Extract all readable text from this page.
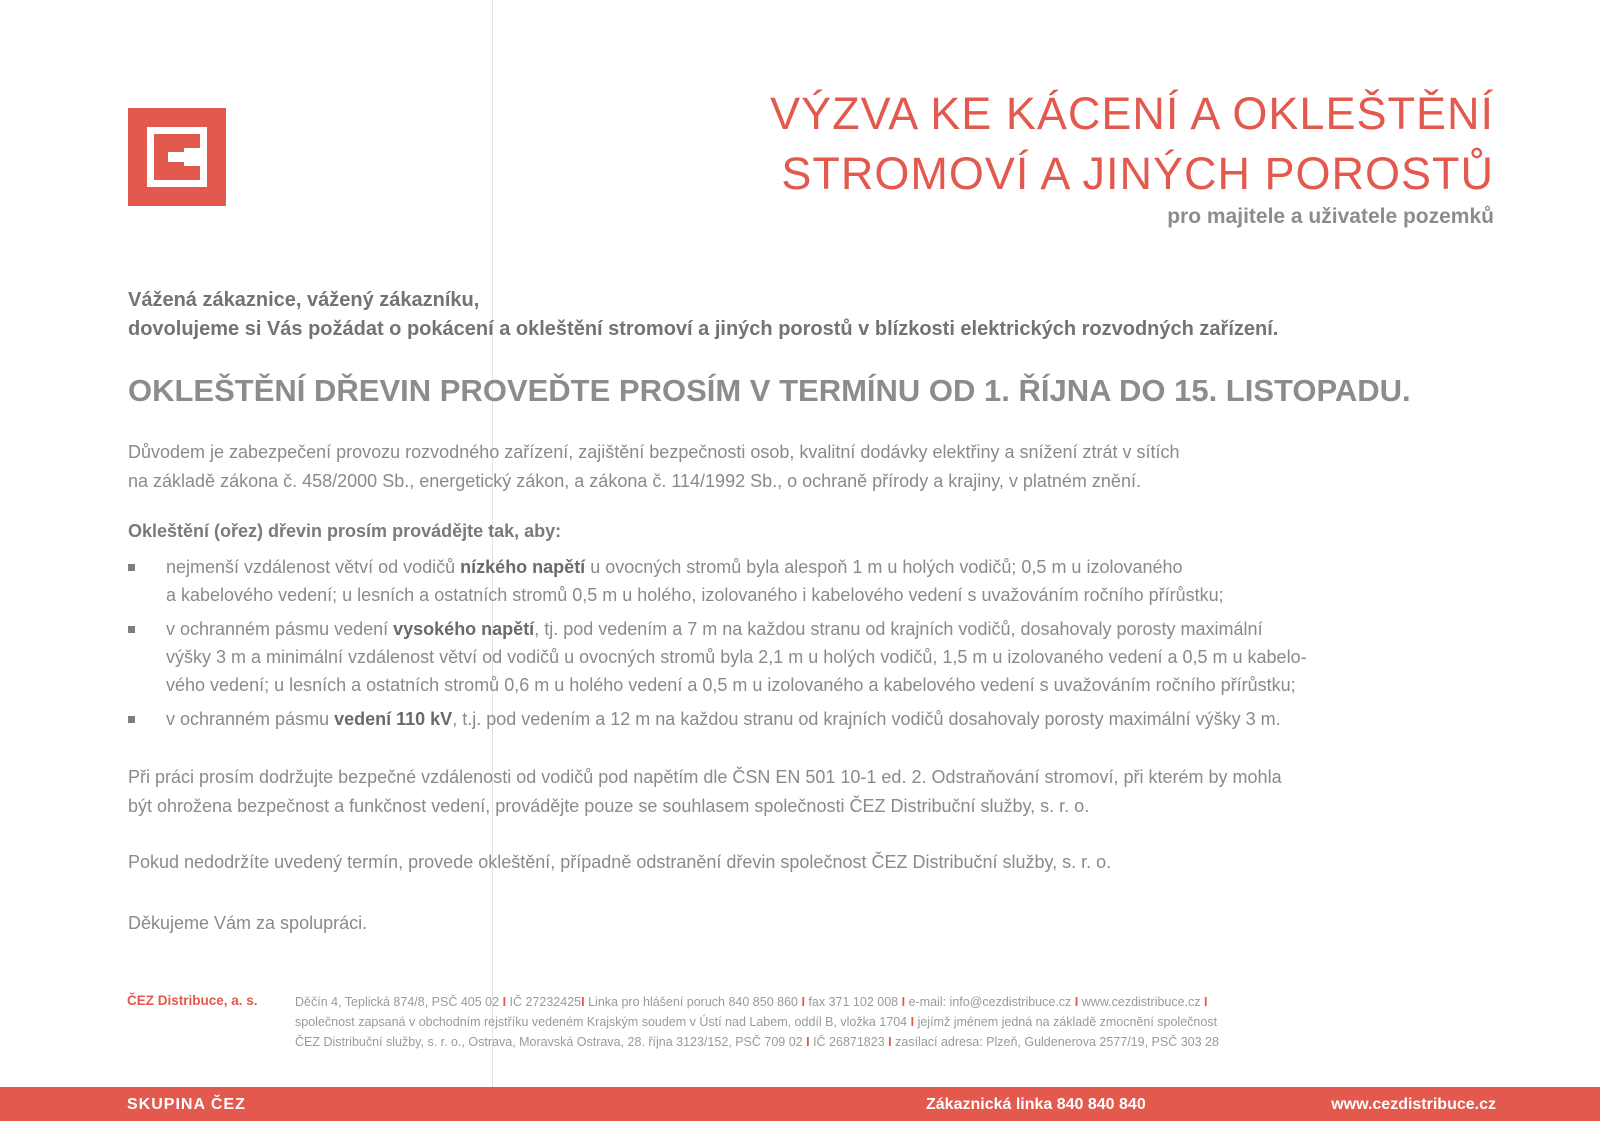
VÝZVA KE KÁCENÍ A OKLEŠTĚNÍ
STROMOVÍ A JINÝCH POROSTŮ
pro majitele a uživatele pozemků
Vážená zákaznice, vážený zákazníku,
dovolujeme si Vás požádat o pokácení a okleštění stromoví a jiných porostů v blízkosti elektrických rozvodných zařízení.
OKLEŠTĚNÍ DŘEVIN PROVEĎTE PROSÍM V TERMÍNU OD 1. ŘÍJNA DO 15. LISTOPADU.
Důvodem je zabezpečení provozu rozvodného zařízení, zajištění bezpečnosti osob, kvalitní dodávky elektřiny a snížení ztrát v sítích
na základě zákona č. 458/2000 Sb., energetický zákon, a zákona č. 114/1992 Sb., o ochraně přírody a krajiny, v platném znění.
Okleštění (ořez) dřevin prosím provádějte tak, aby:
nejmenší vzdálenost větví od vodičů nízkého napětí u ovocných stromů byla alespoň 1 m u holých vodičů; 0,5 m u izolovaného
a kabelového vedení; u lesních a ostatních stromů 0,5 m u holého, izolovaného i kabelového vedení s uvažováním ročního přírůstku;
v ochranném pásmu vedení vysokého napětí, tj. pod vedením a 7 m na každou stranu od krajních vodičů, dosahovaly porosty maximální
výšky 3 m a minimální vzdálenost větví od vodičů u ovocných stromů byla 2,1 m u holých vodičů, 1,5 m u izolovaného vedení a 0,5 m u kabelo-
vého vedení; u lesních a ostatních stromů 0,6 m u holého vedení a 0,5 m u izolovaného a kabelového vedení s uvažováním ročního přírůstku;
v ochranném pásmu vedení 110 kV, t.j. pod vedením a 12 m na každou stranu od krajních vodičů dosahovaly porosty maximální výšky 3 m.
Při práci prosím dodržujte bezpečné vzdálenosti od vodičů pod napětím dle ČSN EN 501 10-1 ed. 2. Odstraňování stromoví, při kterém by mohla
být ohrožena bezpečnost a funkčnost vedení, provádějte pouze se souhlasem společnosti ČEZ Distribuční služby, s. r. o.
Pokud nedodržíte uvedený termín, provede okleštění, případně odstranění dřevin společnost ČEZ Distribuční služby, s. r. o.
Děkujeme Vám za spolupráci.
ČEZ Distribuce, a. s.	Děčín 4, Teplická 874/8, PSČ 405 02 I IČ 27232425I Linka pro hlášení poruch 840 850 860 I fax 371 102 008 I e-mail: info@cezdistribuce.cz I www.cezdistribuce.cz I
společnost zapsaná v obchodním rejstříku vedeném Krajským soudem v Ústí nad Labem, oddíl B, vložka 1704 I jejímž jménem jedná na základě zmocnění společnost
ČEZ Distribuční služby, s. r. o., Ostrava, Moravská Ostrava, 28. října 3123/152, PSČ 709 02 I IČ 26871823 I zasílací adresa: Plzeň, Guldenerova 2577/19, PSČ 303 28
SKUPINA ČEZ	Zákaznická linka 840 840 840	www.cezdistribuce.cz
